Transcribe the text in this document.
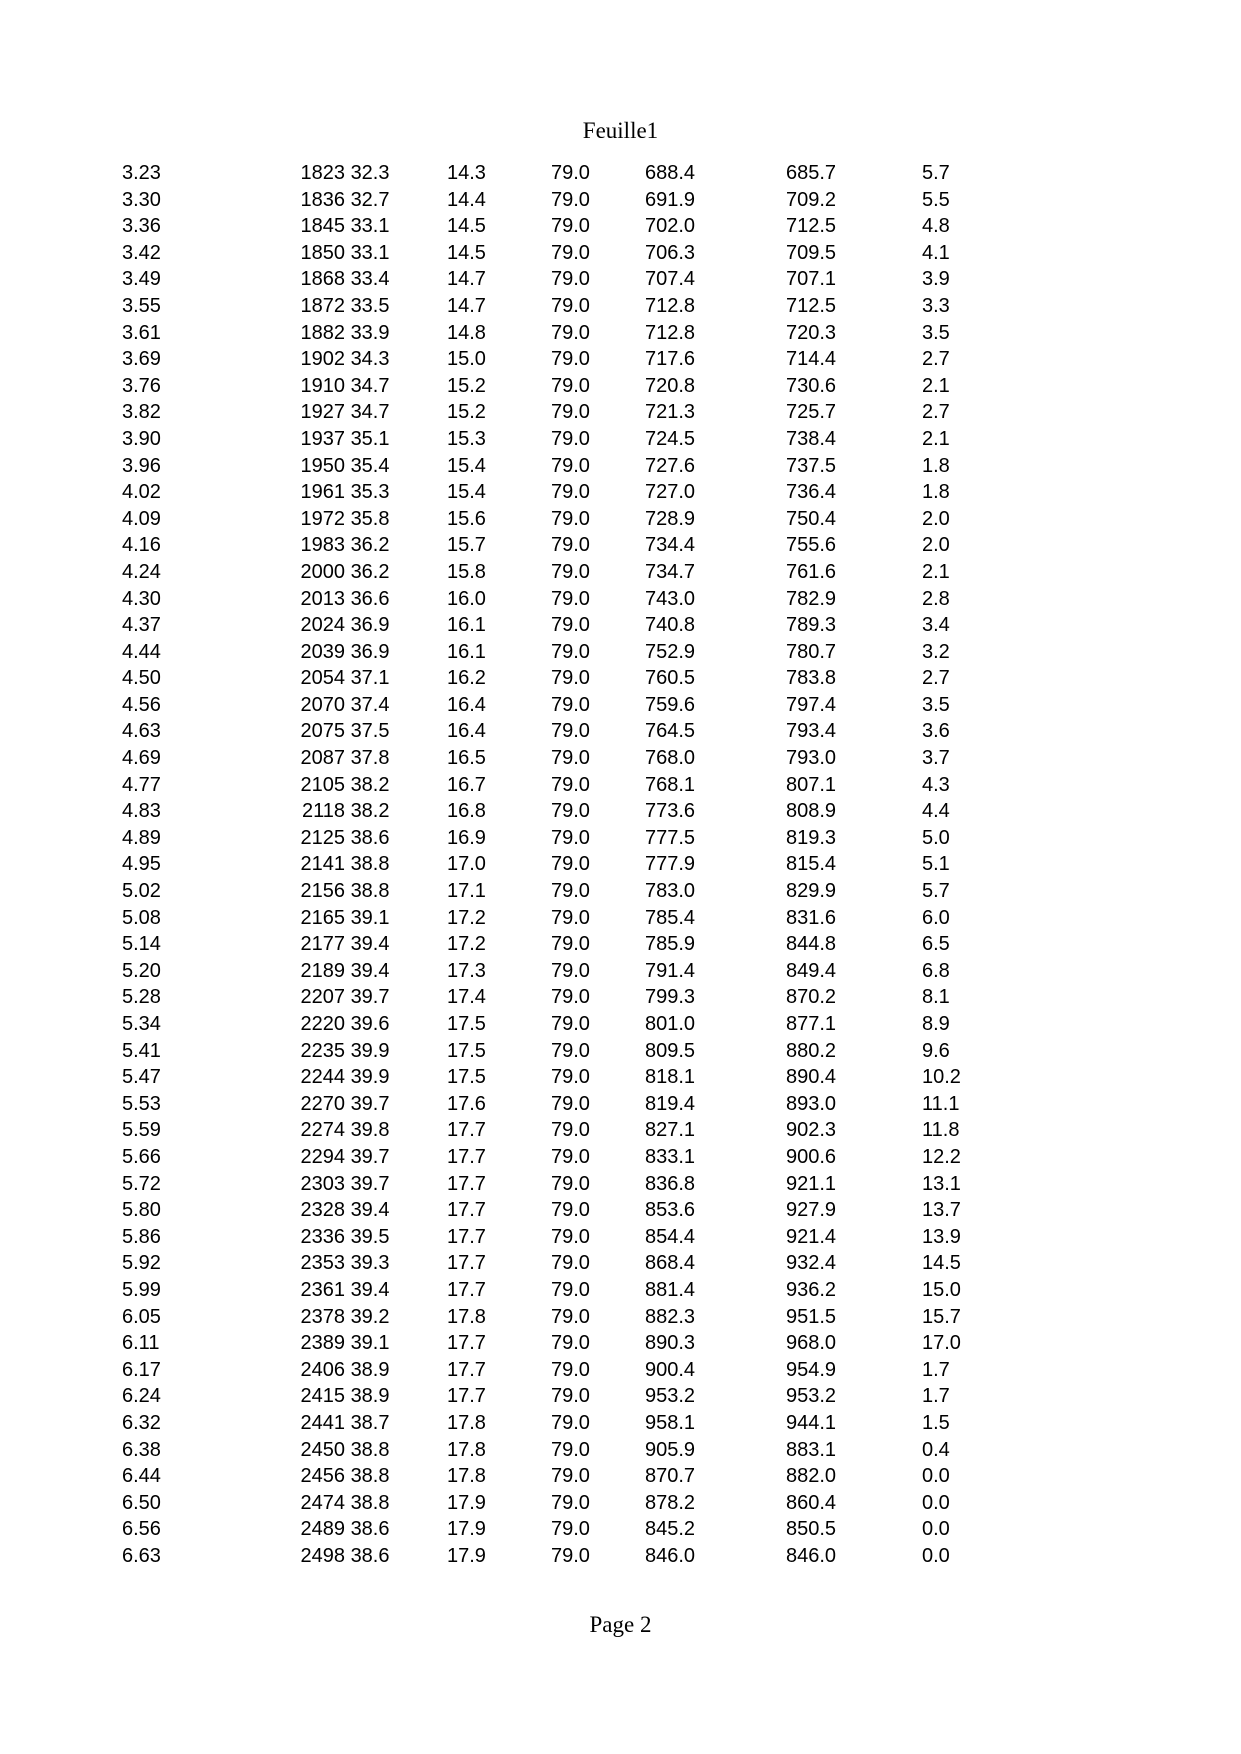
Feuille1
3.23	1823 32.3	14.3	79.0	688.4	685.7	5.7
3.30	1836 32.7	14.4	79.0	691.9	709.2	5.5
3.36	1845 33.1	14.5	79.0	702.0	712.5	4.8
3.42	1850 33.1	14.5	79.0	706.3	709.5	4.1
3.49	1868 33.4	14.7	79.0	707.4	707.1	3.9
3.55	1872 33.5	14.7	79.0	712.8	712.5	3.3
3.61	1882 33.9	14.8	79.0	712.8	720.3	3.5
3.69	1902 34.3	15.0	79.0	717.6	714.4	2.7
3.76	1910 34.7	15.2	79.0	720.8	730.6	2.1
3.82	1927 34.7	15.2	79.0	721.3	725.7	2.7
3.90	1937 35.1	15.3	79.0	724.5	738.4	2.1
3.96	1950 35.4	15.4	79.0	727.6	737.5	1.8
4.02	1961 35.3	15.4	79.0	727.0	736.4	1.8
4.09	1972 35.8	15.6	79.0	728.9	750.4	2.0
4.16	1983 36.2	15.7	79.0	734.4	755.6	2.0
4.24	2000 36.2	15.8	79.0	734.7	761.6	2.1
4.30	2013 36.6	16.0	79.0	743.0	782.9	2.8
4.37	2024 36.9	16.1	79.0	740.8	789.3	3.4
4.44	2039 36.9	16.1	79.0	752.9	780.7	3.2
4.50	2054 37.1	16.2	79.0	760.5	783.8	2.7
4.56	2070 37.4	16.4	79.0	759.6	797.4	3.5
4.63	2075 37.5	16.4	79.0	764.5	793.4	3.6
4.69	2087 37.8	16.5	79.0	768.0	793.0	3.7
4.77	2105 38.2	16.7	79.0	768.1	807.1	4.3
4.83	2118 38.2	16.8	79.0	773.6	808.9	4.4
4.89	2125 38.6	16.9	79.0	777.5	819.3	5.0
4.95	2141 38.8	17.0	79.0	777.9	815.4	5.1
5.02	2156 38.8	17.1	79.0	783.0	829.9	5.7
5.08	2165 39.1	17.2	79.0	785.4	831.6	6.0
5.14	2177 39.4	17.2	79.0	785.9	844.8	6.5
5.20	2189 39.4	17.3	79.0	791.4	849.4	6.8
5.28	2207 39.7	17.4	79.0	799.3	870.2	8.1
5.34	2220 39.6	17.5	79.0	801.0	877.1	8.9
5.41	2235 39.9	17.5	79.0	809.5	880.2	9.6
5.47	2244 39.9	17.5	79.0	818.1	890.4	10.2
5.53	2270 39.7	17.6	79.0	819.4	893.0	11.1
5.59	2274 39.8	17.7	79.0	827.1	902.3	11.8
5.66	2294 39.7	17.7	79.0	833.1	900.6	12.2
5.72	2303 39.7	17.7	79.0	836.8	921.1	13.1
5.80	2328 39.4	17.7	79.0	853.6	927.9	13.7
5.86	2336 39.5	17.7	79.0	854.4	921.4	13.9
5.92	2353 39.3	17.7	79.0	868.4	932.4	14.5
5.99	2361 39.4	17.7	79.0	881.4	936.2	15.0
6.05	2378 39.2	17.8	79.0	882.3	951.5	15.7
6.11	2389 39.1	17.7	79.0	890.3	968.0	17.0
6.17	2406 38.9	17.7	79.0	900.4	954.9	1.7
6.24	2415 38.9	17.7	79.0	953.2	953.2	1.7
6.32	2441 38.7	17.8	79.0	958.1	944.1	1.5
6.38	2450 38.8	17.8	79.0	905.9	883.1	0.4
6.44	2456 38.8	17.8	79.0	870.7	882.0	0.0
6.50	2474 38.8	17.9	79.0	878.2	860.4	0.0
6.56	2489 38.6	17.9	79.0	845.2	850.5	0.0
6.63	2498 38.6	17.9	79.0	846.0	846.0	0.0
Page 2
